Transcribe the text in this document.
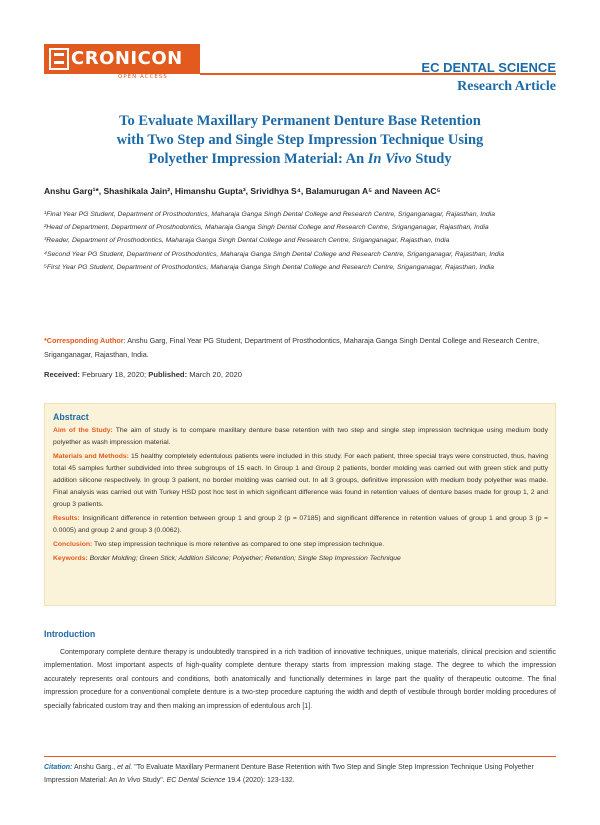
CRONICON
OPEN ACCESS
EC DENTAL SCIENCE
Research Article
To Evaluate Maxillary Permanent Denture Base Retention
with Two Step and Single Step Impression Technique Using
Polyether Impression Material: An In Vivo Study
Anshu Garg¹*, Shashikala Jain², Himanshu Gupta³, Srividhya S⁴, Balamurugan A⁵ and Naveen AC⁵
¹Final Year PG Student, Department of Prosthodontics, Maharaja Ganga Singh Dental College and Research Centre, Sriganganagar, Rajasthan, India
²Head of Department, Department of Prosthodontics, Maharaja Ganga Singh Dental College and Research Centre, Sriganganagar, Rajasthan, India
³Reader, Department of Prosthodontics, Maharaja Ganga Singh Dental College and Research Centre, Sriganganagar, Rajasthan, India
⁴Second Year PG Student, Department of Prosthodontics, Maharaja Ganga Singh Dental College and Research Centre, Sriganganagar, Rajasthan, India
⁵First Year PG Student, Department of Prosthodontics, Maharaja Ganga Singh Dental College and Research Centre, Sriganganagar, Rajasthan, India
*Corresponding Author: Anshu Garg, Final Year PG Student, Department of Prosthodontics, Maharaja Ganga Singh Dental College and Research Centre, Sriganganagar, Rajasthan, India.
Received: February 18, 2020; Published: March 20, 2020
Abstract

Aim of the Study: The aim of study is to compare maxillary denture base retention with two step and single step impression technique using medium body polyether as wash impression material.

Materials and Methods: 15 healthy completely edentulous patients were included in this study. For each patient, three special trays were constructed, thus, having total 45 samples further subdivided into three subgroups of 15 each. In Group 1 and Group 2 patients, border molding was carried out with green stick and putty addition silicone respectively. In group 3 patient, no border molding was carried out. In all 3 groups, definitive impression with medium body polyether was made. Final analysis was carried out with Turkey HSD post hoc test in which significant difference was found in retention values of denture bases made for group 1, 2 and group 3 patients.

Results: Insignificant difference in retention between group 1 and group 2 (p = 07185) and significant difference in retention values of group 1 and group 3 (p = 0.0005) and group 2 and group 3 (0.0062).

Conclusion: Two step impression technique is more retentive as compared to one step impression technique.

Keywords: Border Molding; Green Stick; Addition Silicone; Polyether; Retention; Single Step Impression Technique

Introduction

Contemporary complete denture therapy is undoubtedly transpired in a rich tradition of innovative techniques, unique materials, clinical precision and scientific implementation. Most important aspects of high-quality complete denture therapy starts from impression making stage. The degree to which the impression accurately represents oral contours and conditions, both anatomically and functionally determines in large part the quality of therapeutic outcome. The final impression procedure for a conventional complete denture is a two-step procedure capturing the width and depth of vestibule through border molding procedures of specially fabricated custom tray and then making an impression of edentulous arch [1].

Citation: Anshu Garg., et al. "To Evaluate Maxillary Permanent Denture Base Retention with Two Step and Single Step Impression Technique Using Polyether Impression Material: An In Vivo Study". EC Dental Science 19.4 (2020): 123-132.
